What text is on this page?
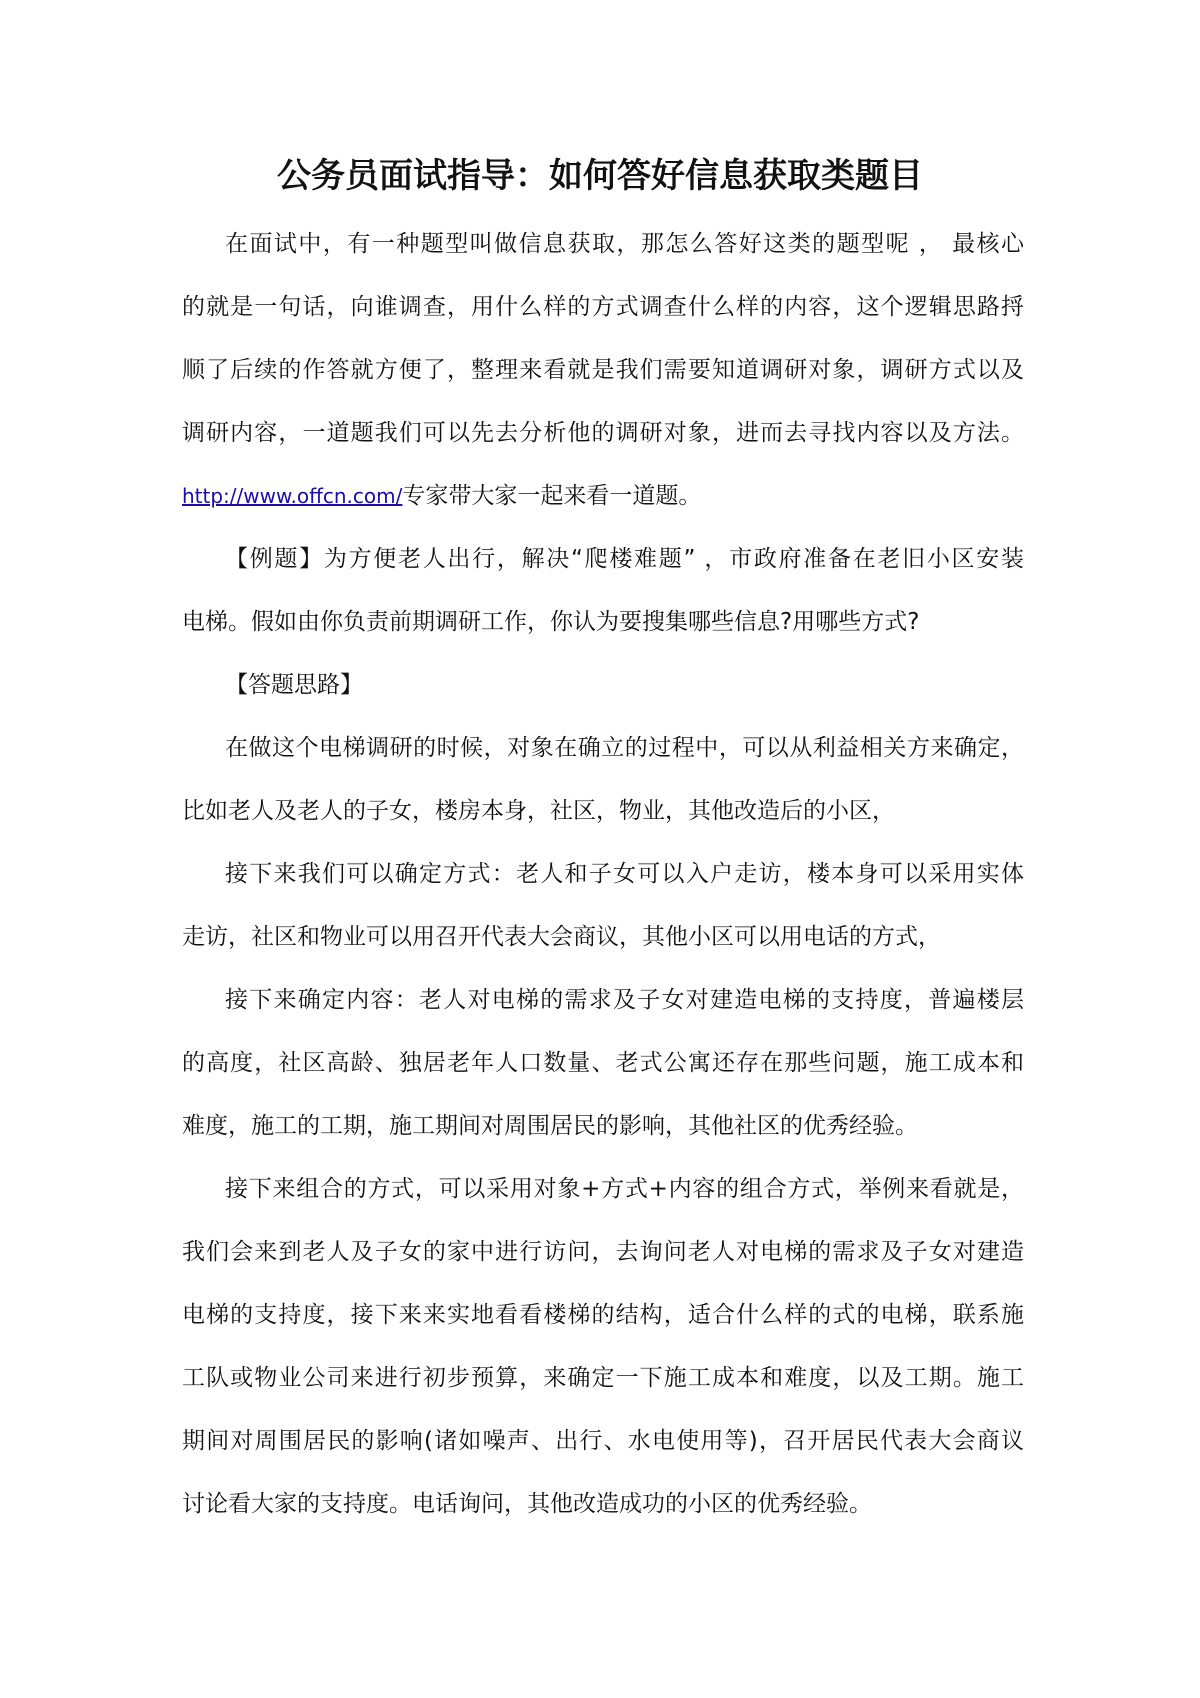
公务员面试指导：如何答好信息获取类题目
在面试中，有一种题型叫做信息获取，那怎么答好这类的题型呢 ， 最核心
的就是一句话，向谁调查，用什么样的方式调查什么样的内容，这个逻辑思路捋
顺了后续的作答就方便了，整理来看就是我们需要知道调研对象，调研方式以及
调研内容，一道题我们可以先去分析他的调研对象，进而去寻找内容以及方法。
http://www.offcn.com/专家带大家一起来看一道题。
【例题】为方便老人出行，解决“爬楼难题” ，市政府准备在老旧小区安装
电梯。假如由你负责前期调研工作，你认为要搜集哪些信息?用哪些方式?
【答题思路】
在做这个电梯调研的时候，对象在确立的过程中，可以从利益相关方来确定，
比如老人及老人的子女，楼房本身，社区，物业，其他改造后的小区，
接下来我们可以确定方式：老人和子女可以入户走访，楼本身可以采用实体
走访，社区和物业可以用召开代表大会商议，其他小区可以用电话的方式，
接下来确定内容：老人对电梯的需求及子女对建造电梯的支持度，普遍楼层
的高度，社区高龄、独居老年人口数量、老式公寓还存在那些问题，施工成本和
难度，施工的工期，施工期间对周围居民的影响，其他社区的优秀经验。
接下来组合的方式，可以采用对象+方式+内容的组合方式，举例来看就是，
我们会来到老人及子女的家中进行访问，去询问老人对电梯的需求及子女对建造
电梯的支持度，接下来来实地看看楼梯的结构，适合什么样的式的电梯，联系施
工队或物业公司来进行初步预算，来确定一下施工成本和难度，以及工期。施工
期间对周围居民的影响(诸如噪声、出行、水电使用等)，召开居民代表大会商议
讨论看大家的支持度。电话询问，其他改造成功的小区的优秀经验。
